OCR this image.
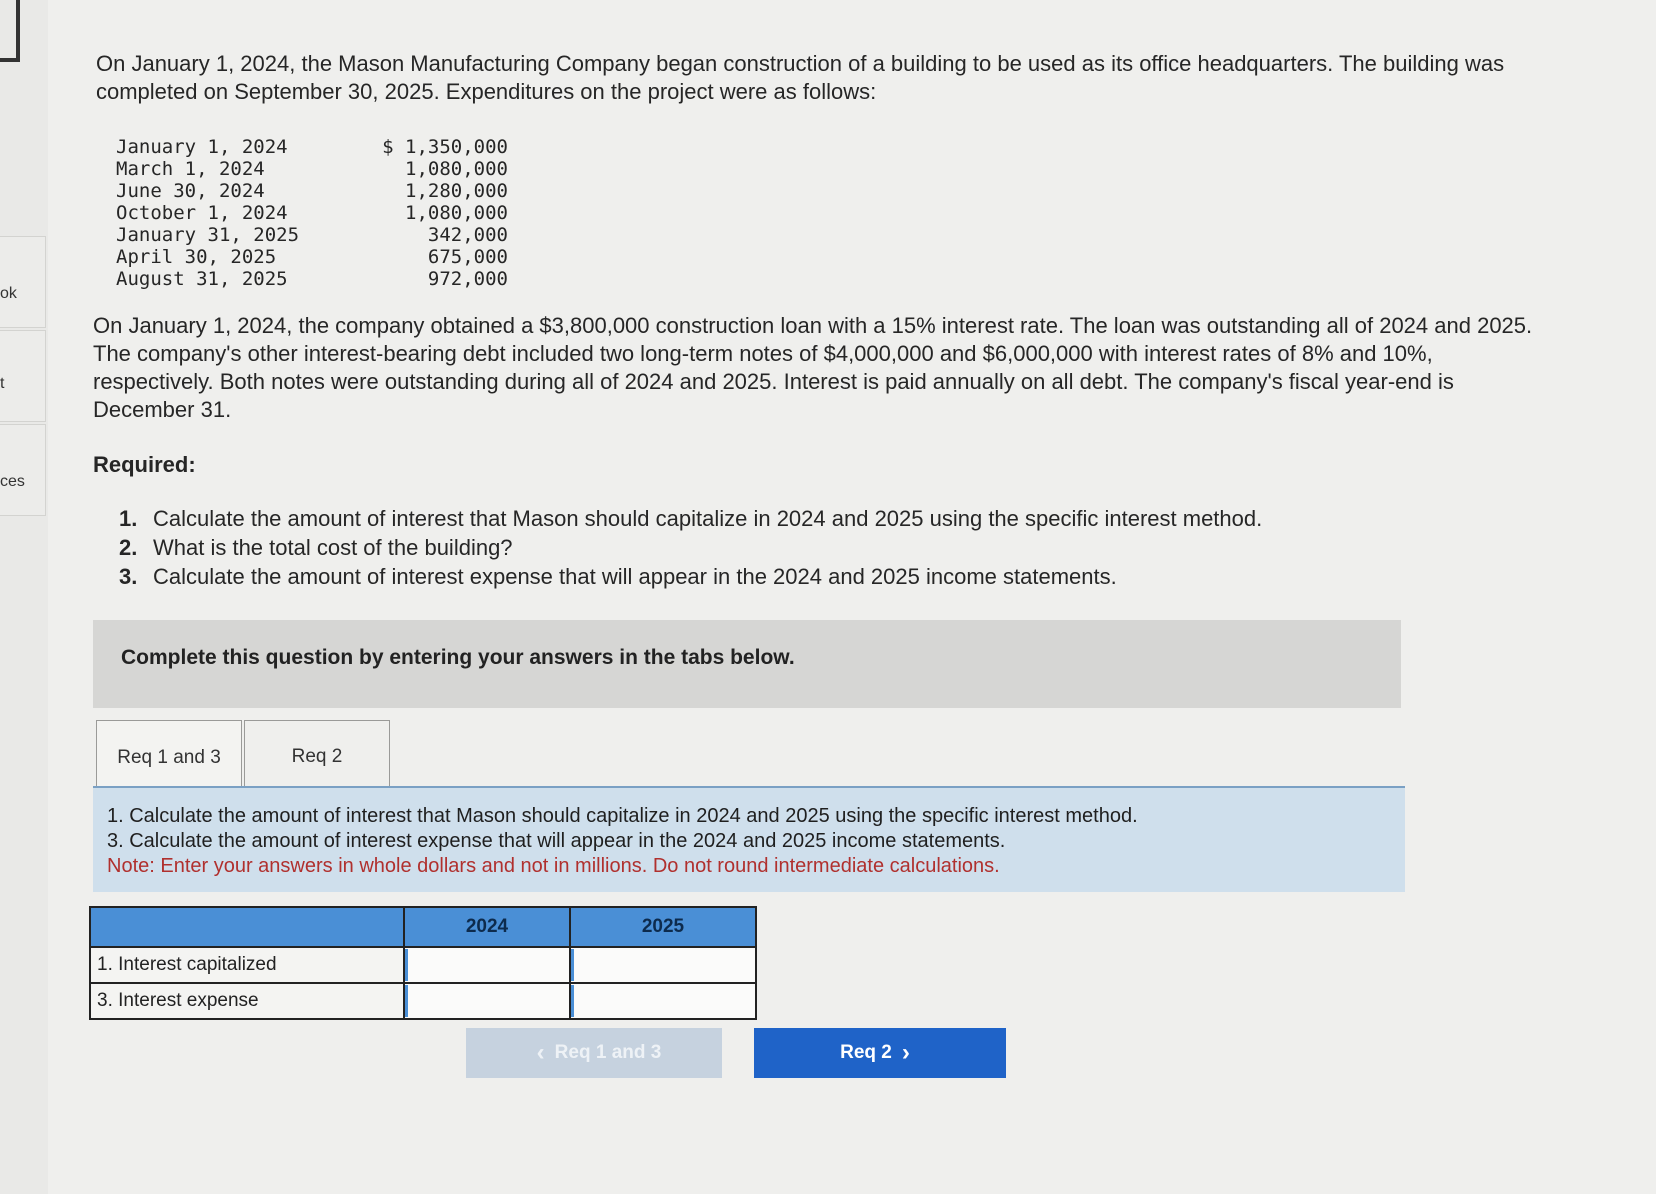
ok
t
ces

On January 1, 2024, the Mason Manufacturing Company began construction of a building to be used as its office headquarters. The building was completed on September 30, 2025. Expenditures on the project were as follows:

January 1, 2024	$ 1,350,000
March 1, 2024	1,080,000
June 30, 2024	1,280,000
October 1, 2024	1,080,000
January 31, 2025	342,000
April 30, 2025	675,000
August 31, 2025	972,000

On January 1, 2024, the company obtained a $3,800,000 construction loan with a 15% interest rate. The loan was outstanding all of 2024 and 2025. The company's other interest-bearing debt included two long-term notes of $4,000,000 and $6,000,000 with interest rates of 8% and 10%, respectively. Both notes were outstanding during all of 2024 and 2025. Interest is paid annually on all debt. The company's fiscal year-end is December 31.

Required:
1. Calculate the amount of interest that Mason should capitalize in 2024 and 2025 using the specific interest method.
2. What is the total cost of the building?
3. Calculate the amount of interest expense that will appear in the 2024 and 2025 income statements.
Complete this question by entering your answers in the tabs below.
Req 1 and 3	Req 2
1. Calculate the amount of interest that Mason should capitalize in 2024 and 2025 using the specific interest method.
3. Calculate the amount of interest expense that will appear in the 2024 and 2025 income statements.
Note: Enter your answers in whole dollars and not in millions. Do not round intermediate calculations.
	2024	2025
1. Interest capitalized		
3. Interest expense		
‹ Req 1 and 3	Req 2 ›
